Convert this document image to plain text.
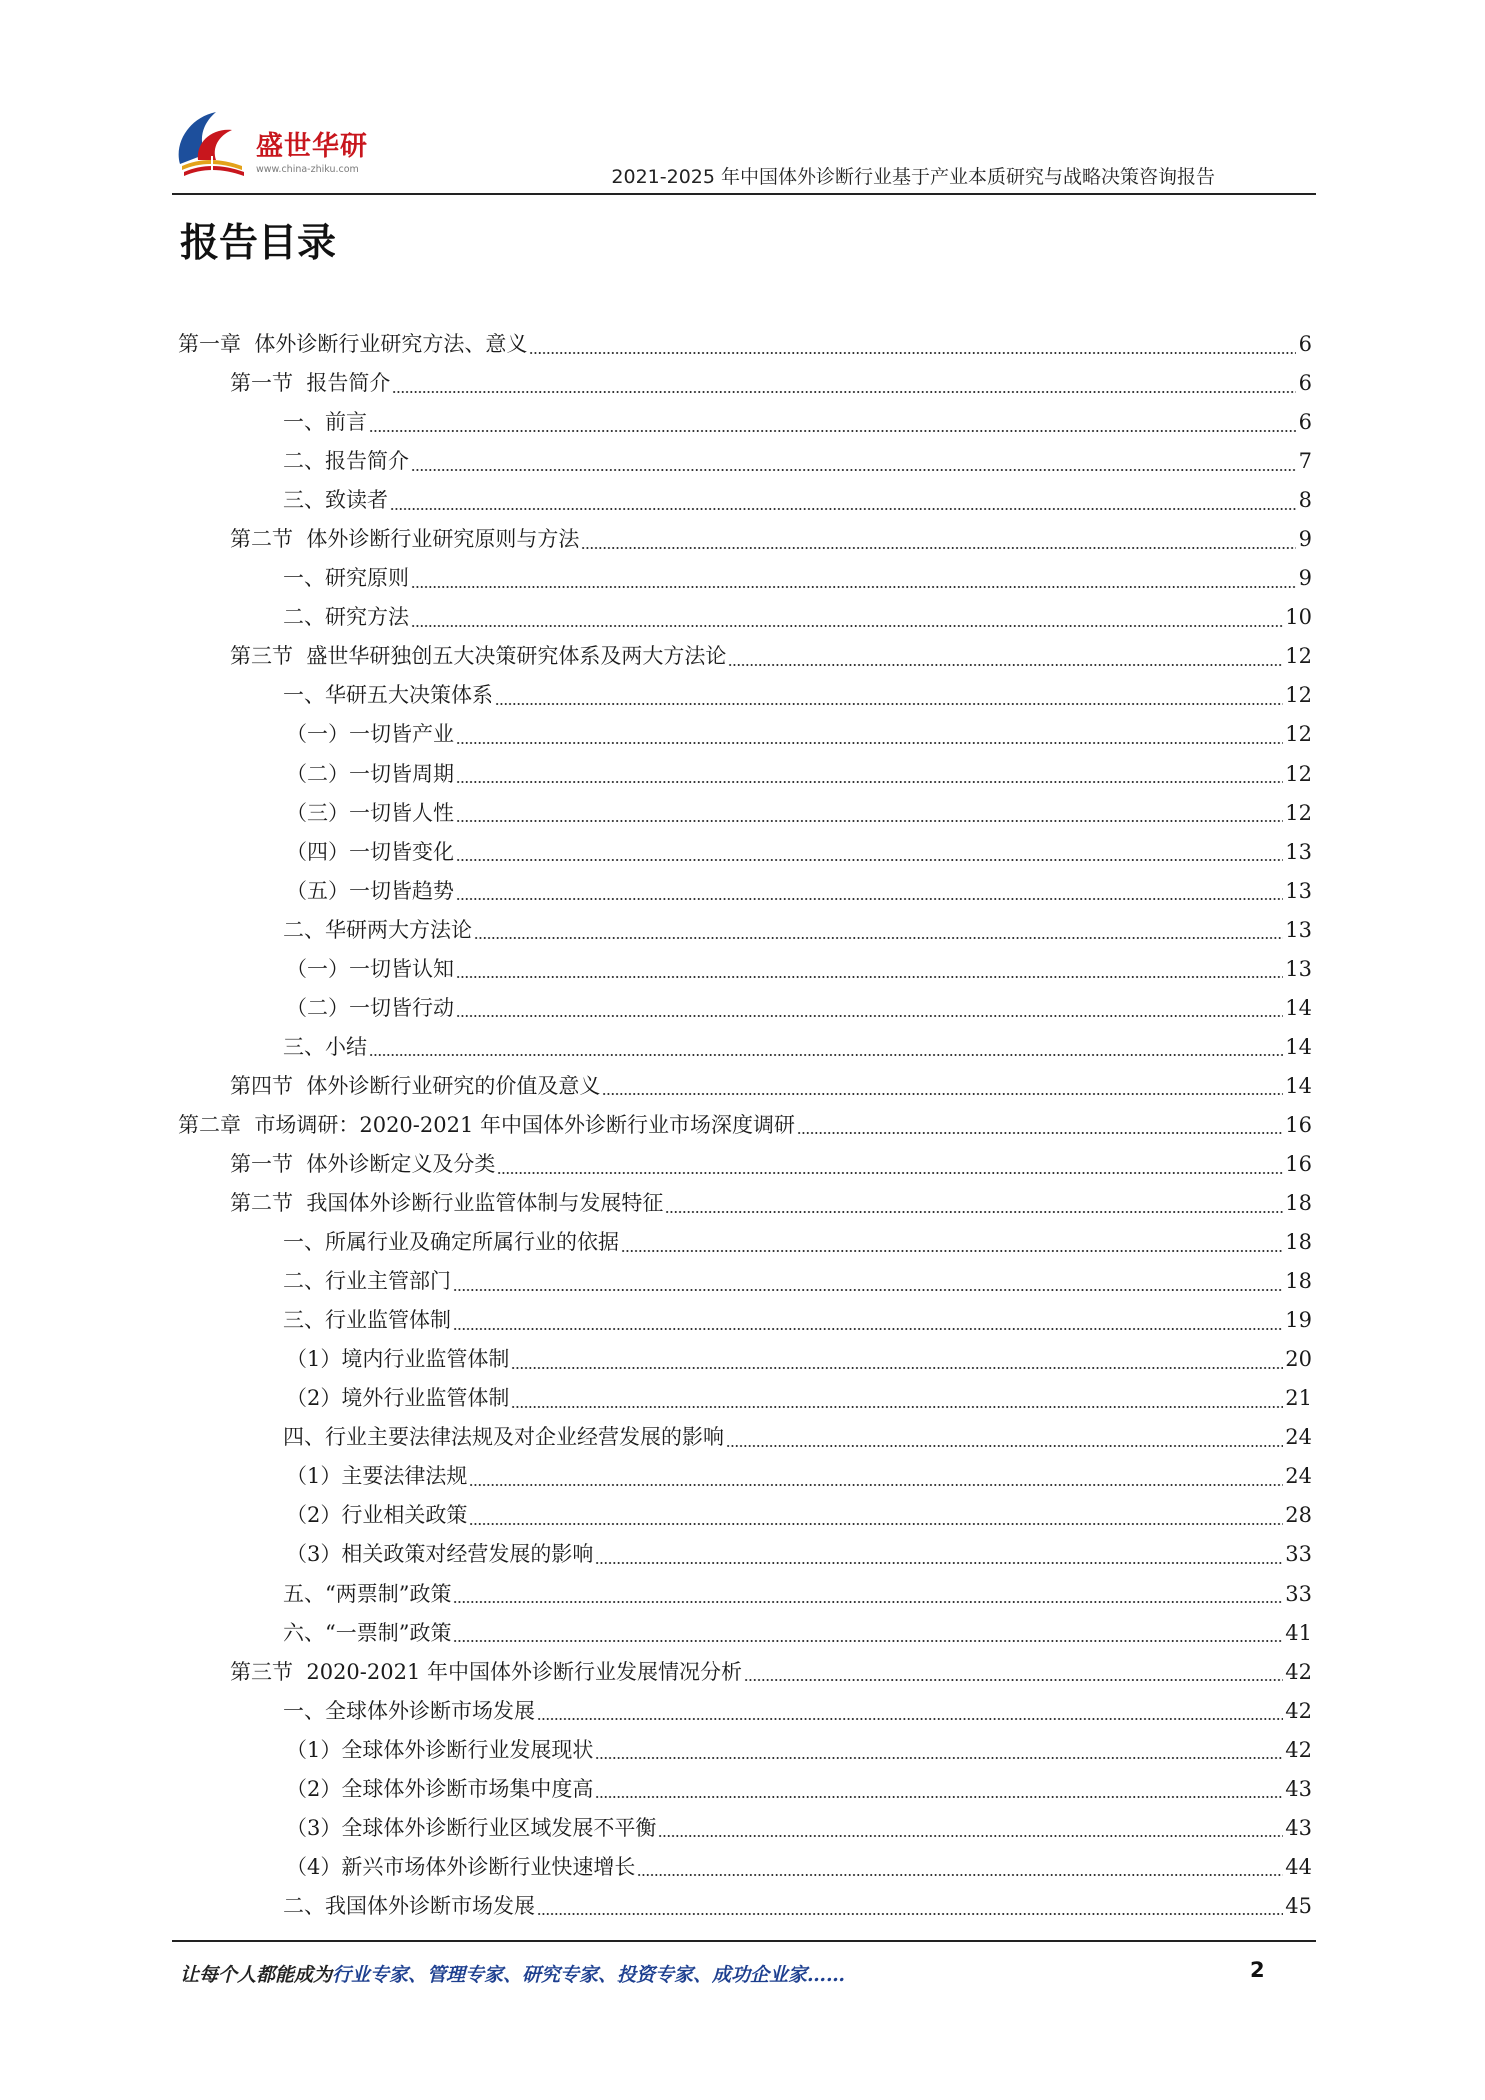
盛世华研
www.china-zhiku.com	2021-2025 年中国体外诊断行业基于产业本质研究与战略决策咨询报告
报告目录
第一章  体外诊断行业研究方法、意义	6
第一节  报告简介	6
一、前言	6
二、报告简介	7
三、致读者	8
第二节  体外诊断行业研究原则与方法	9
一、研究原则	9
二、研究方法	10
第三节  盛世华研独创五大决策研究体系及两大方法论	12
一、华研五大决策体系	12
（一）一切皆产业	12
（二）一切皆周期	12
（三）一切皆人性	12
（四）一切皆变化	13
（五）一切皆趋势	13
二、华研两大方法论	13
（一）一切皆认知	13
（二）一切皆行动	14
三、小结	14
第四节  体外诊断行业研究的价值及意义	14
第二章  市场调研：2020-2021 年中国体外诊断行业市场深度调研	16
第一节  体外诊断定义及分类	16
第二节  我国体外诊断行业监管体制与发展特征	18
一、所属行业及确定所属行业的依据	18
二、行业主管部门	18
三、行业监管体制	19
（1）境内行业监管体制	20
（2）境外行业监管体制	21
四、行业主要法律法规及对企业经营发展的影响	24
（1）主要法律法规	24
（2）行业相关政策	28
（3）相关政策对经营发展的影响	33
五、“两票制”政策	33
六、“一票制”政策	41
第三节  2020-2021 年中国体外诊断行业发展情况分析	42
一、全球体外诊断市场发展	42
（1）全球体外诊断行业发展现状	42
（2）全球体外诊断市场集中度高	43
（3）全球体外诊断行业区域发展不平衡	43
（4）新兴市场体外诊断行业快速增长	44
二、我国体外诊断市场发展	45
让每个人都能成为行业专家、管理专家、研究专家、投资专家、成功企业家……	2
